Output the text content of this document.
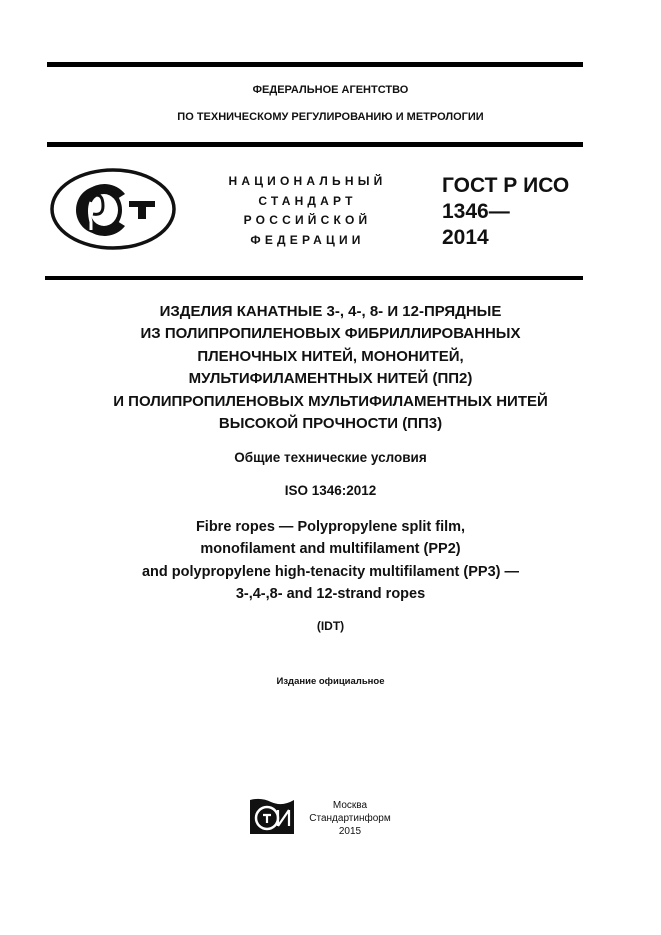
ФЕДЕРАЛЬНОЕ АГЕНТСТВО
ПО ТЕХНИЧЕСКОМУ РЕГУЛИРОВАНИЮ И МЕТРОЛОГИИ
НАЦИОНАЛЬНЫЙ
СТАНДАРТ
РОССИЙСКОЙ
ФЕДЕРАЦИИ
ГОСТ Р ИСО
1346—
2014
ИЗДЕЛИЯ КАНАТНЫЕ 3-, 4-, 8- И 12-ПРЯДНЫЕ
ИЗ ПОЛИПРОПИЛЕНОВЫХ ФИБРИЛЛИРОВАННЫХ
ПЛЕНОЧНЫХ НИТЕЙ, МОНОНИТЕЙ,
МУЛЬТИФИЛАМЕНТНЫХ НИТЕЙ (ПП2)
И ПОЛИПРОПИЛЕНОВЫХ МУЛЬТИФИЛАМЕНТНЫХ НИТЕЙ
ВЫСОКОЙ ПРОЧНОСТИ (ПП3)
Общие технические условия
ISO 1346:2012
Fibre ropes — Polypropylene split film,
monofilament and multifilament (PP2)
and polypropylene high-tenacity multifilament (PP3) —
3-,4-,8- and 12-strand ropes
(IDT)
Издание официальное
Москва
Стандартинформ
2015
